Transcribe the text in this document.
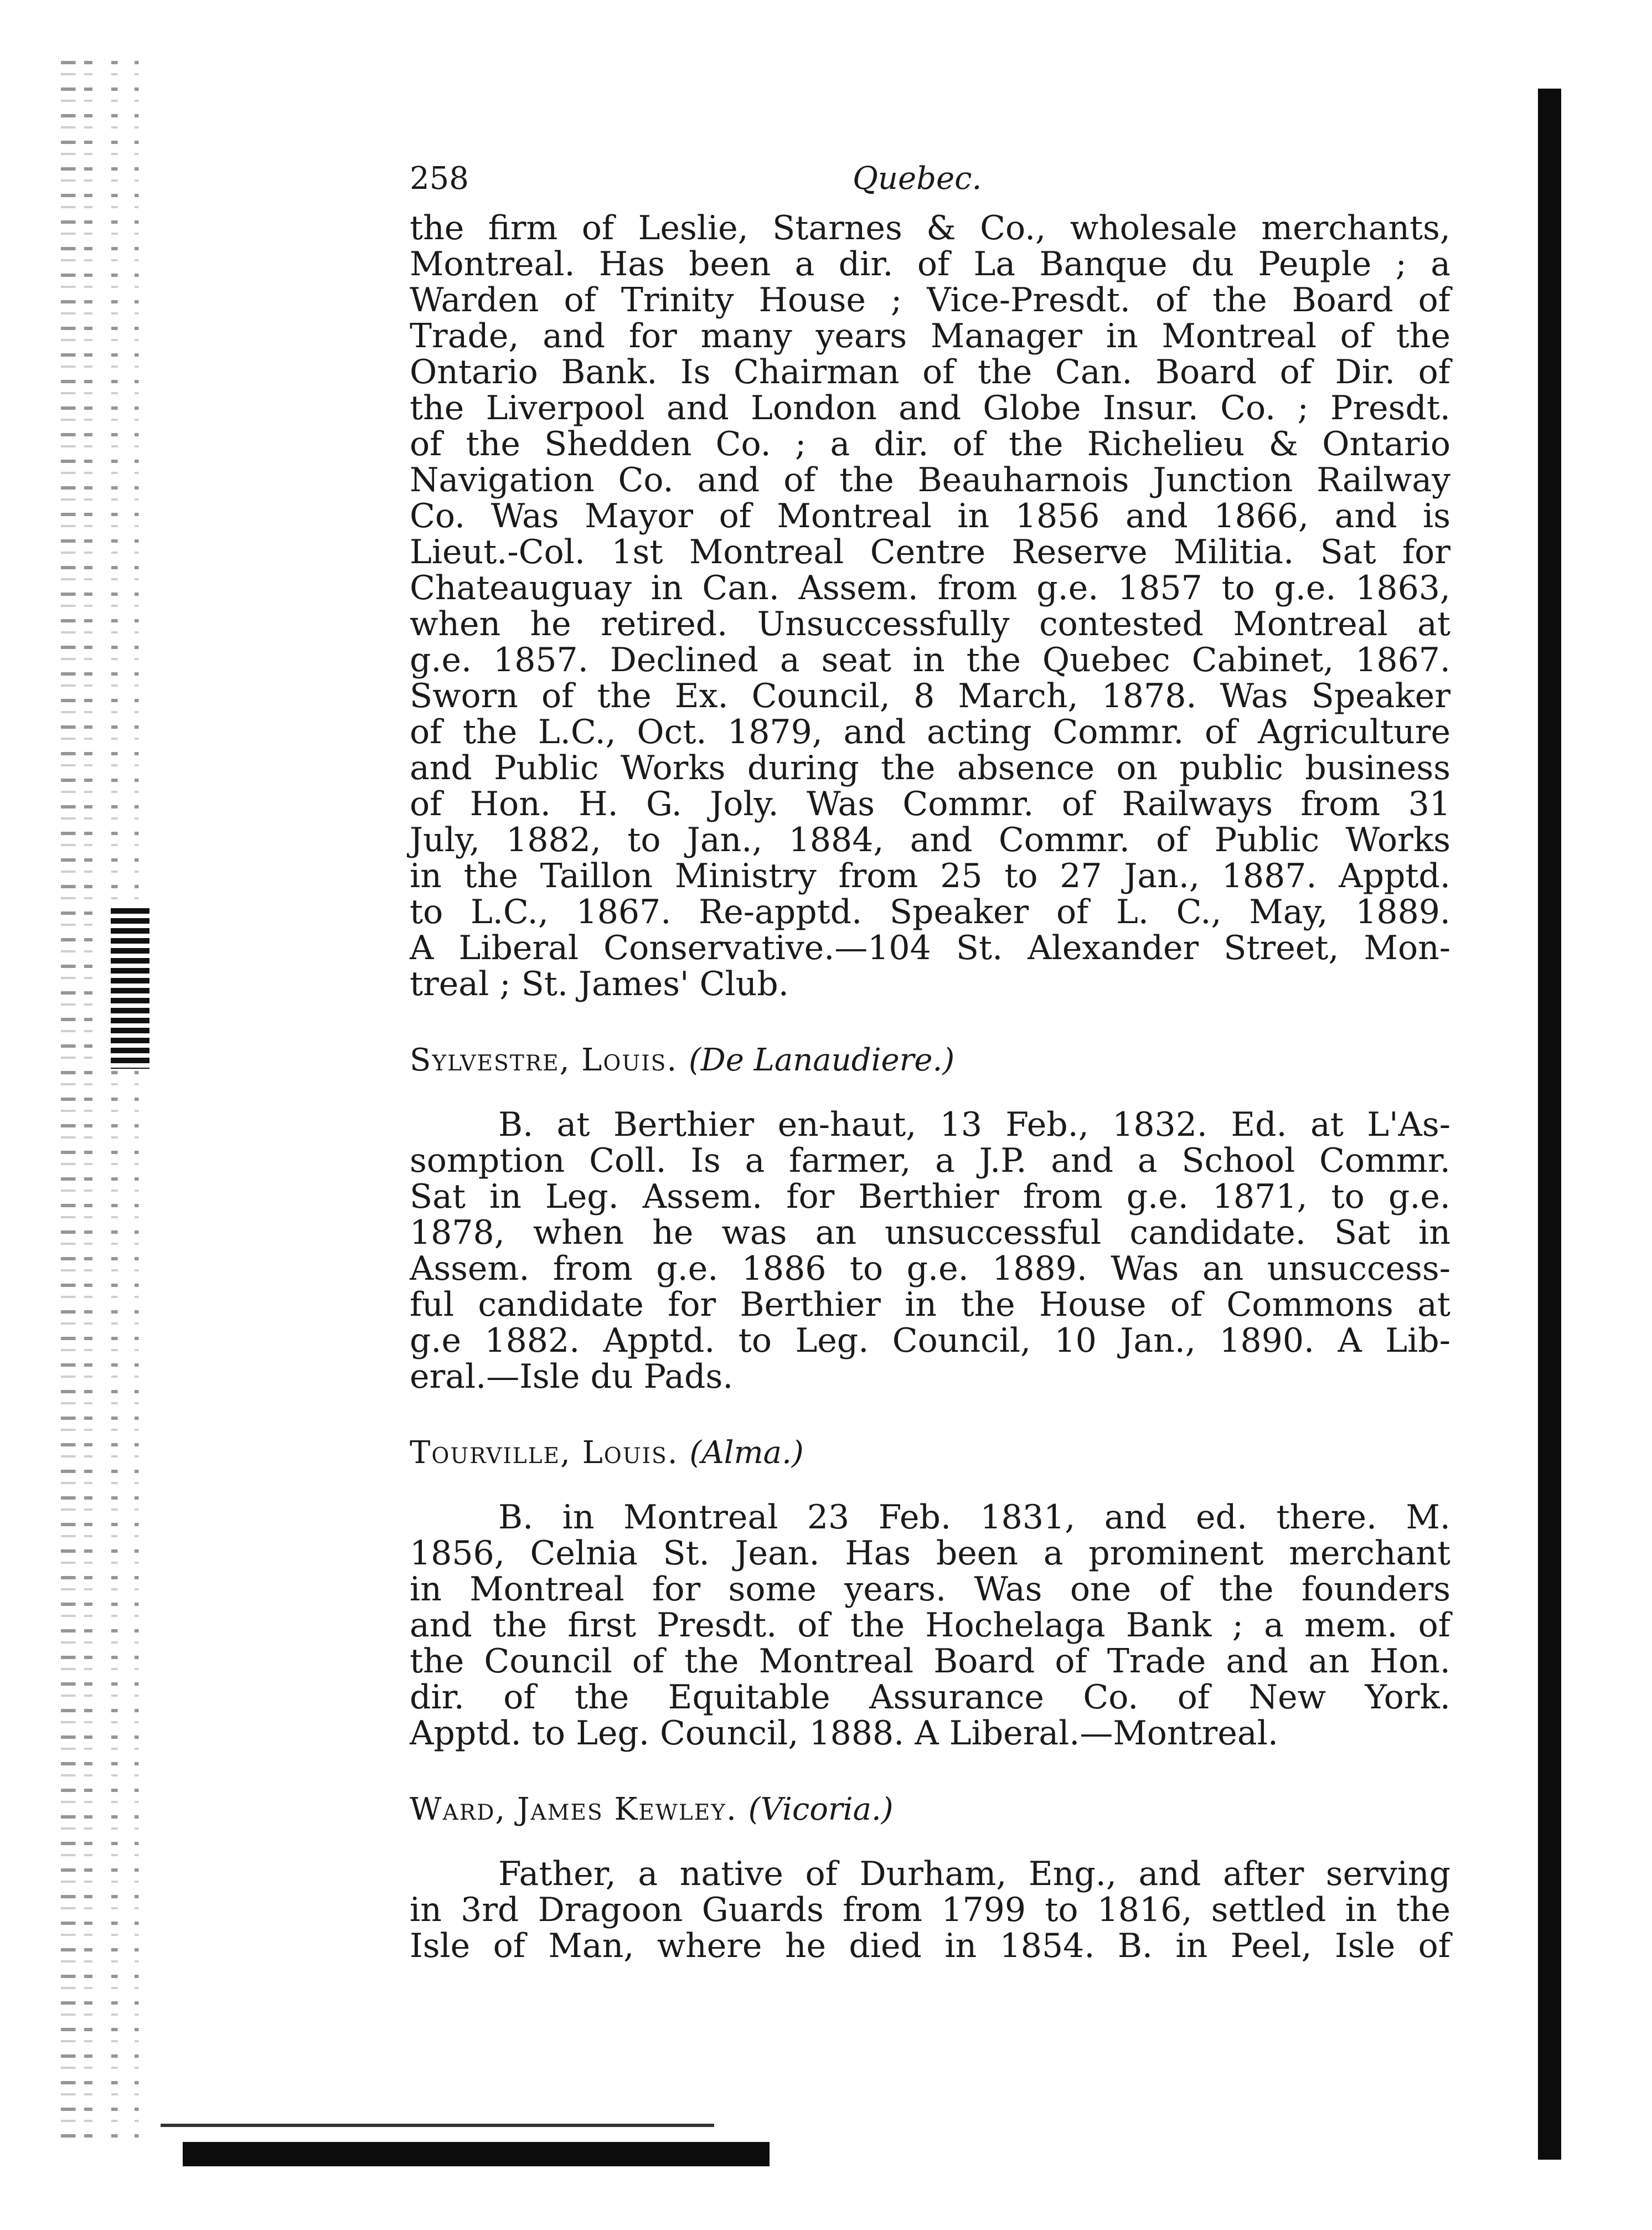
258	Quebec.

the firm of Leslie, Starnes & Co., wholesale merchants,
Montreal. Has been a dir. of La Banque du Peuple ; a
Warden of Trinity House ; Vice-Presdt. of the Board of
Trade, and for many years Manager in Montreal of the
Ontario Bank. Is Chairman of the Can. Board of Dir. of
the Liverpool and London and Globe Insur. Co. ; Presdt.
of the Shedden Co. ; a dir. of the Richelieu & Ontario
Navigation Co. and of the Beauharnois Junction Railway
Co. Was Mayor of Montreal in 1856 and 1866, and is
Lieut.-Col. 1st Montreal Centre Reserve Militia. Sat for
Chateauguay in Can. Assem. from g.e. 1857 to g.e. 1863,
when he retired. Unsuccessfully contested Montreal at
g.e. 1857. Declined a seat in the Quebec Cabinet, 1867.
Sworn of the Ex. Council, 8 March, 1878. Was Speaker
of the L.C., Oct. 1879, and acting Commr. of Agriculture
and Public Works during the absence on public business
of Hon. H. G. Joly. Was Commr. of Railways from 31
July, 1882, to Jan., 1884, and Commr. of Public Works
in the Taillon Ministry from 25 to 27 Jan., 1887. Apptd.
to L.C., 1867. Re-apptd. Speaker of L. C., May, 1889.
A Liberal Conservative.—104 St. Alexander Street, Mon-
treal ; St. James' Club.

Sylvestre, Louis. (De Lanaudiere.)

B. at Berthier en-haut, 13 Feb., 1832. Ed. at L'As-
somption Coll. Is a farmer, a J.P. and a School Commr.
Sat in Leg. Assem. for Berthier from g.e. 1871, to g.e.
1878, when he was an unsuccessful candidate. Sat in
Assem. from g.e. 1886 to g.e. 1889. Was an unsuccess-
ful candidate for Berthier in the House of Commons at
g.e 1882. Apptd. to Leg. Council, 10 Jan., 1890. A Lib-
eral.—Isle du Pads.

Tourville, Louis. (Alma.)

B. in Montreal 23 Feb. 1831, and ed. there. M.
1856, Celnia St. Jean. Has been a prominent merchant
in Montreal for some years. Was one of the founders
and the first Presdt. of the Hochelaga Bank ; a mem. of
the Council of the Montreal Board of Trade and an Hon.
dir. of the Equitable Assurance Co. of New York.
Apptd. to Leg. Council, 1888. A Liberal.—Montreal.

Ward, James Kewley. (Vicoria.)

Father, a native of Durham, Eng., and after serving
in 3rd Dragoon Guards from 1799 to 1816, settled in the
Isle of Man, where he died in 1854. B. in Peel, Isle of
